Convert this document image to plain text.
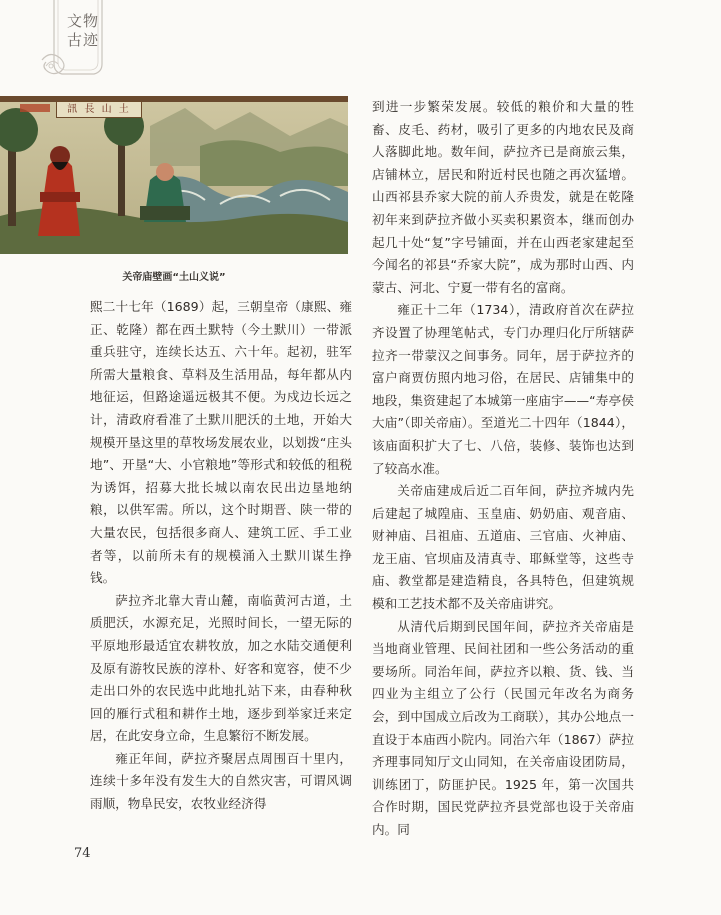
文物古迹
訊 長 山 土
关帝庙壁画“土山义说”

熙二十七年（1689）起，三朝皇帝（康熙、雍正、乾隆）都在西土默特（今土默川）一带派重兵驻守，连续长达五、六十年。起初，驻军所需大量粮食、草料及生活用品，每年都从内地征运，但路途遥远极其不便。为戍边长远之计，清政府看准了土默川肥沃的土地，开始大规模开垦这里的草牧场发展农业，以划拨“庄头地”、开垦“大、小官粮地”等形式和较低的租税为诱饵，招募大批长城以南农民出边垦地纳粮，以供军需。所以，这个时期晋、陕一带的大量农民，包括很多商人、建筑工匠、手工业者等，以前所未有的规模涌入土默川谋生挣钱。

萨拉齐北靠大青山麓，南临黄河古道，土质肥沃，水源充足，光照时间长，一望无际的平原地形最适宜农耕牧放，加之水陆交通便利及原有游牧民族的淳朴、好客和宽容，使不少走出口外的农民选中此地扎站下来，由春种秋回的雁行式租和耕作土地，逐步到举家迁来定居，在此安身立命，生息繁衍不断发展。

雍正年间，萨拉齐聚居点周围百十里内，连续十多年没有发生大的自然灾害，可谓风调雨顺，物阜民安，农牧业经济得

到进一步繁荣发展。较低的粮价和大量的牲畜、皮毛、药材，吸引了更多的内地农民及商人落脚此地。数年间，萨拉齐已是商旅云集，店铺林立，居民和附近村民也随之再次猛增。山西祁县乔家大院的前人乔贵发，就是在乾隆初年来到萨拉齐做小买卖积累资本，继而创办起几十处“复”字号铺面，并在山西老家建起至今闻名的祁县“乔家大院”，成为那时山西、内蒙古、河北、宁夏一带有名的富商。

雍正十二年（1734），清政府首次在萨拉齐设置了协理笔帖式，专门办理归化厅所辖萨拉齐一带蒙汉之间事务。同年，居于萨拉齐的富户商贾仿照内地习俗，在居民、店铺集中的地段，集资建起了本城第一座庙宇——“寿亭侯大庙”（即关帝庙）。至道光二十四年（1844），该庙面积扩大了七、八倍，装修、装饰也达到了较高水准。

关帝庙建成后近二百年间，萨拉齐城内先后建起了城隍庙、玉皇庙、奶奶庙、观音庙、财神庙、吕祖庙、五道庙、三官庙、火神庙、龙王庙、官坝庙及清真寺、耶稣堂等，这些寺庙、教堂都是建造精良，各具特色，但建筑规模和工艺技术都不及关帝庙讲究。

从清代后期到民国年间，萨拉齐关帝庙是当地商业管理、民间社团和一些公务活动的重要场所。同治年间，萨拉齐以粮、货、钱、当四业为主组立了公行（民国元年改名为商务会，到中国成立后改为工商联），其办公地点一直设于本庙西小院内。同治六年（1867）萨拉齐理事同知厅文山同知，在关帝庙设团防局，训练团丁，防匪护民。1925 年，第一次国共合作时期，国民党萨拉齐县党部也设于关帝庙内。同

74
